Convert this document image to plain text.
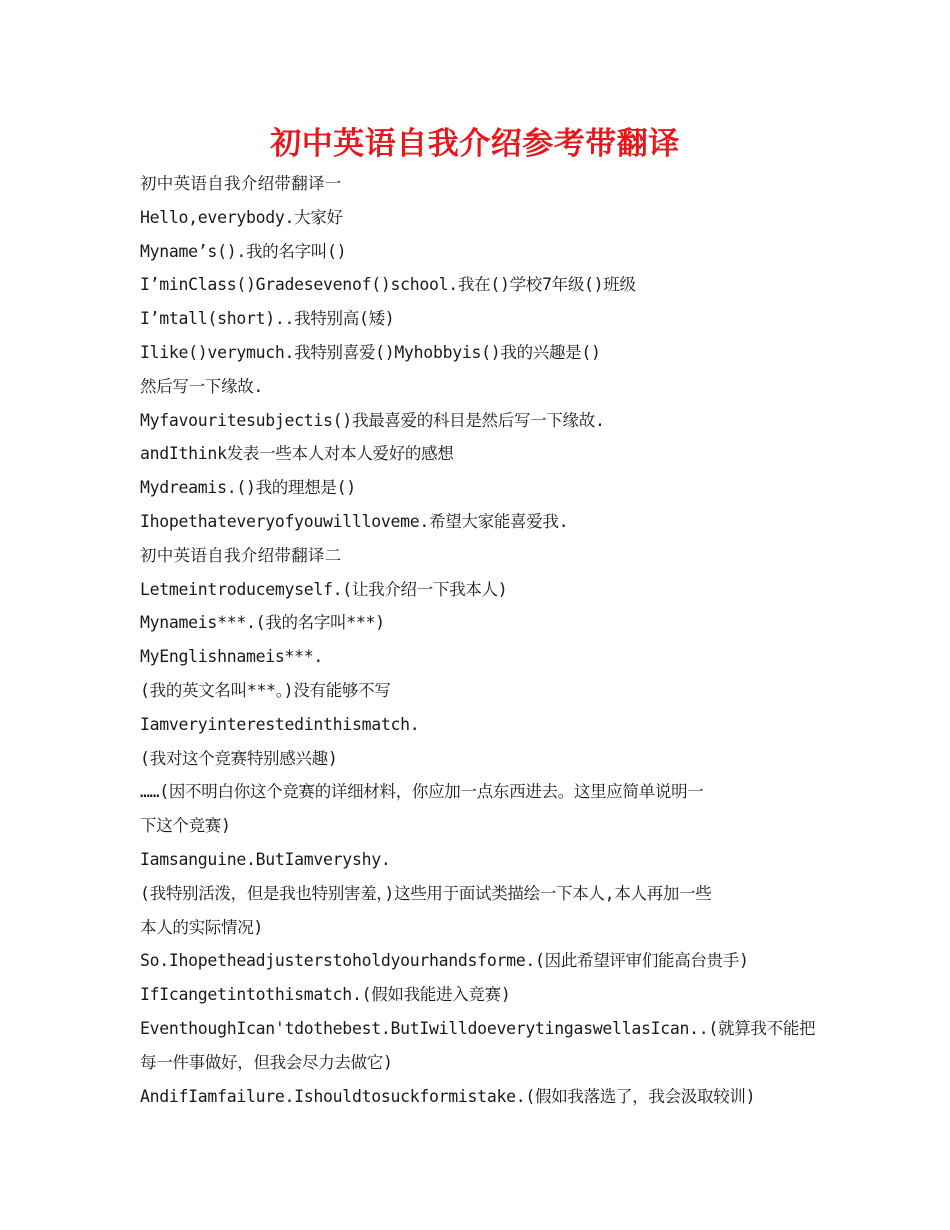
初中英语自我介绍参考带翻译
初中英语自我介绍带翻译一
Hello,everybody.大家好
Myname’s().我的名字叫()
I’minClass()Gradesevenof()school.我在()学校7年级()班级
I’mtall(short)..我特别高(矮)
Ilike()verymuch.我特别喜爱()Myhobbyis()我的兴趣是()
然后写一下缘故.
Myfavouritesubjectis()我最喜爱的科目是然后写一下缘故.
andIthink发表一些本人对本人爱好的感想
Mydreamis.()我的理想是()
Ihopethateveryofyouwillloveme.希望大家能喜爱我.
初中英语自我介绍带翻译二
Letmeintroducemyself.(让我介绍一下我本人)
Mynameis***.(我的名字叫***)
MyEnglishnameis***.
(我的英文名叫***。)没有能够不写
Iamveryinterestedinthismatch.
(我对这个竞赛特别感兴趣)
……(因不明白你这个竞赛的详细材料，你应加一点东西进去。这里应简单说明一
下这个竞赛)
Iamsanguine.ButIamveryshy.
(我特别活泼，但是我也特别害羞，)这些用于面试类描绘一下本人,本人再加一些
本人的实际情况)
So.Ihopetheadjusterstoholdyourhandsforme.(因此希望评审们能高台贵手)
IfIcangetintothismatch.(假如我能进入竞赛)
EventhoughIcan'tdothebest.ButIwilldoeverytingaswellasIcan..(就算我不能把
每一件事做好，但我会尽力去做它)
AndifIamfailure.Ishouldtosuckformistake.(假如我落选了，我会汲取较训)
